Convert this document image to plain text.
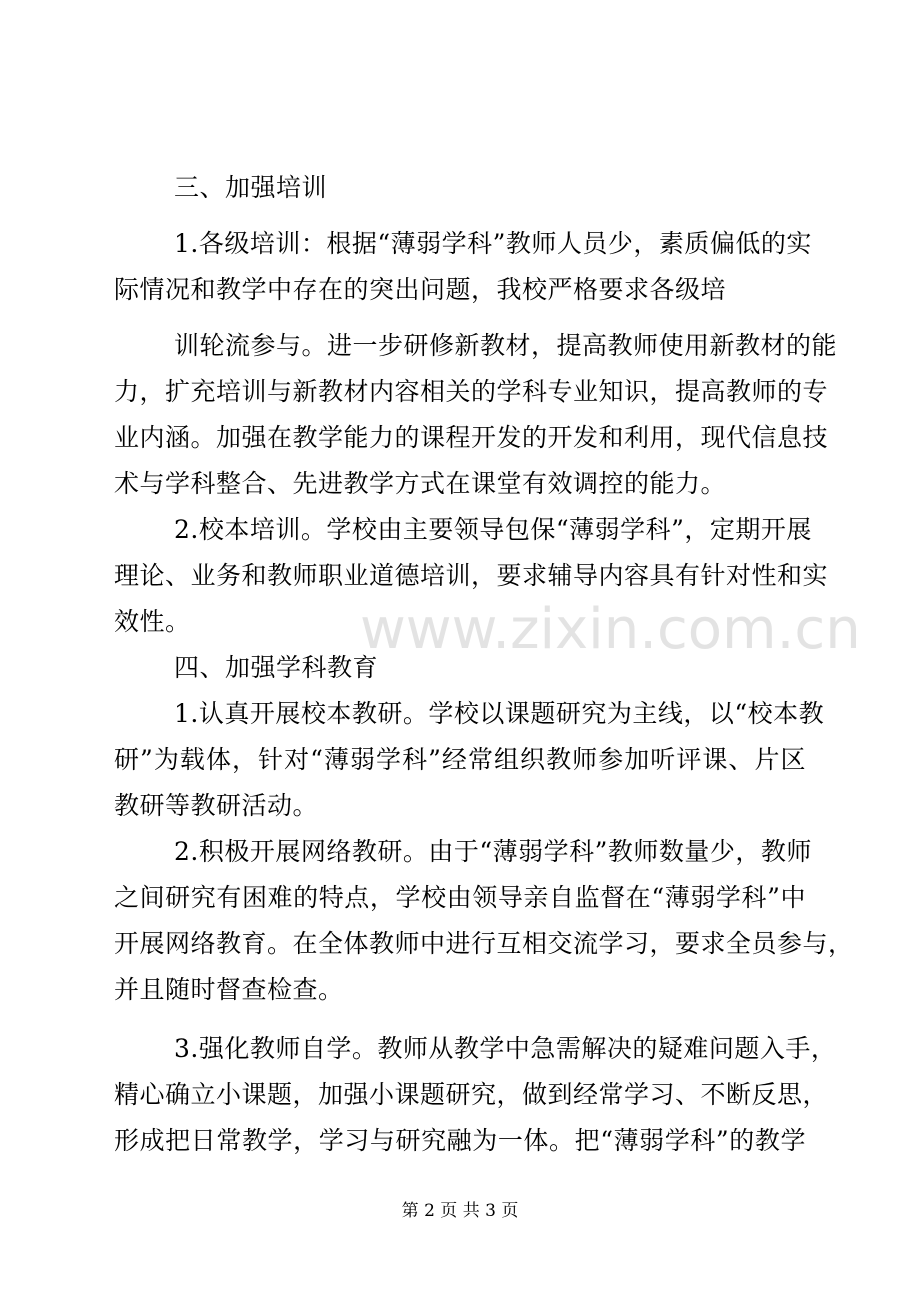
www.zixin.com.cn
三、加强培训
1.各级培训：根据“薄弱学科”教师人员少，素质偏低的实
际情况和教学中存在的突出问题，我校严格要求各级培
训轮流参与。进一步研修新教材，提高教师使用新教材的能
力，扩充培训与新教材内容相关的学科专业知识，提高教师的专
业内涵。加强在教学能力的课程开发的开发和利用，现代信息技
术与学科整合、先进教学方式在课堂有效调控的能力。
2.校本培训。学校由主要领导包保“薄弱学科”，定期开展
理论、业务和教师职业道德培训，要求辅导内容具有针对性和实
效性。
四、加强学科教育
1.认真开展校本教研。学校以课题研究为主线，以“校本教
研”为载体，针对“薄弱学科”经常组织教师参加听评课、片区
教研等教研活动。
2.积极开展网络教研。由于“薄弱学科”教师数量少，教师
之间研究有困难的特点，学校由领导亲自监督在“薄弱学科”中
开展网络教育。在全体教师中进行互相交流学习，要求全员参与，
并且随时督查检查。
3.强化教师自学。教师从教学中急需解决的疑难问题入手，
精心确立小课题，加强小课题研究，做到经常学习、不断反思，
形成把日常教学，学习与研究融为一体。把“薄弱学科”的教学
第 2 页 共 3 页
